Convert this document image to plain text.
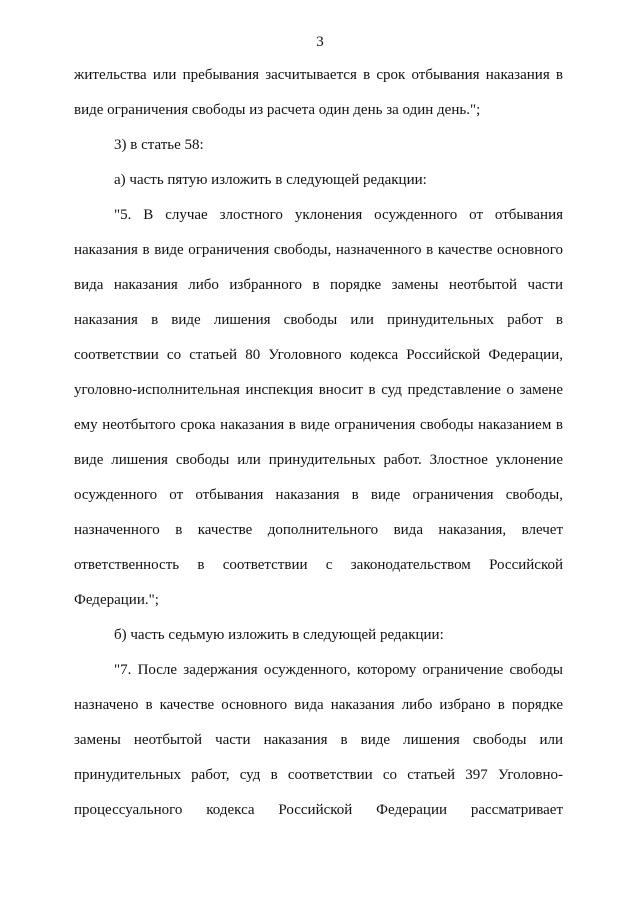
3

жительства или пребывания засчитывается в срок отбывания наказания в виде ограничения свободы из расчета один день за один день.";

3) в статье 58:

а) часть пятую изложить в следующей редакции:

"5. В случае злостного уклонения осужденного от отбывания наказания в виде ограничения свободы, назначенного в качестве основного вида наказания либо избранного в порядке замены неотбытой части наказания в виде лишения свободы или принудительных работ в соответствии со статьей 80 Уголовного кодекса Российской Федерации, уголовно-исполнительная инспекция вносит в суд представление о замене ему неотбытого срока наказания в виде ограничения свободы наказанием в виде лишения свободы или принудительных работ. Злостное уклонение осужденного от отбывания наказания в виде ограничения свободы, назначенного в качестве дополнительного вида наказания, влечет ответственность в соответствии с законодательством Российской Федерации.";

б) часть седьмую изложить в следующей редакции:

"7. После задержания осужденного, которому ограничение свободы назначено в качестве основного вида наказания либо избрано в порядке замены неотбытой части наказания в виде лишения свободы или принудительных работ, суд в соответствии со статьей 397 Уголовно-процессуального кодекса Российской Федерации рассматривает
